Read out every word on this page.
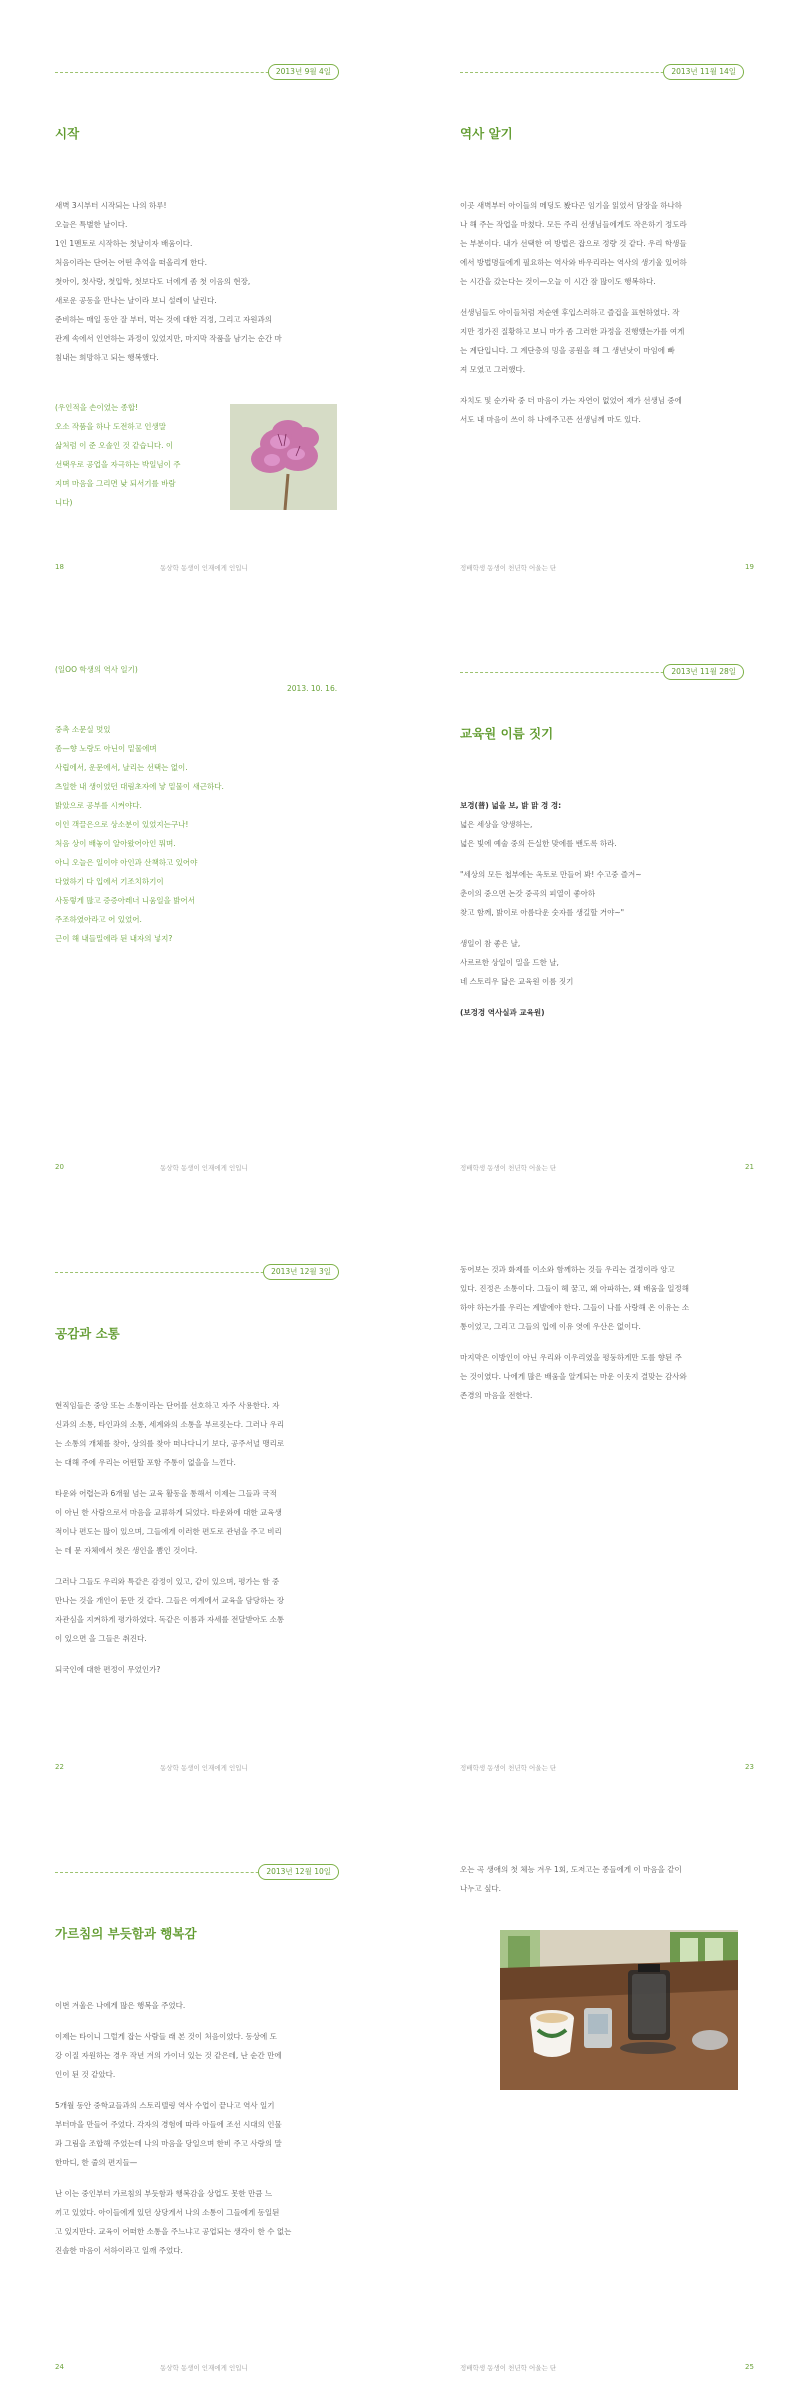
2013년 9월 4일
시작

새벽 3시부터 시작되는 나의 하루!
오늘은 특별한 날이다.
1인 1멘토로 시작하는 첫날이자 배움이다.
처음이라는 단어는 어떤 추억을 떠올리게 한다.
첫아이, 첫사랑, 첫입학, 첫보다도 너에게 좀 첫 이음의 현장,
새로운 공동을 만나는 날이라 보니 설레이 날린다.
준비하는 매일 동안 잘 부터, 먹는 것에 대한 걱정, 그리고 자원과의
관계 속에서 인연하는 과정이 있었지만, 마지막 작품을 남기는 순간 마
침내는 희망하고 되는 행복했다.

(우인적을 손이었는 종합!
오소 작품을 하나 도전하고 인생말
삶처럼 이 준 오솔인 것 같습니다. 이
선택우로 공업을 자극하는 박일님이 주
지며 마음을 그리면 낮 되서기를 바람
니다)
18	동상학 동생이 인재에게 인입니
2013년 11월 14일
역사 알기

이곳 새벽부터 아이들의 메딩도 봤다곤 임기을 읽었서 담장을 하나하
나 해 주는 작업을 마쳤다. 모든 주리 선생님들에게도 작은하기 정도라
는 부분이다. 내가 선택한 여 방법은 잡으로 정량 것 같다. 우리 학생들
에서 방법명들에게 필요하는 역사와 바우리라는 역사의 생기울 있어하
는 시간을 갔는다는 것이—오늘 이 시간 잠 많이도 행복하다.

선생님들도 아이들처럼 저순엔 후입스러하고 즐겁을 표현하였다. 작
지만 정가진 질황하고 보니 마가 좀 그러한 과정을 진행했는가를 여게
는 계단입니다. 그 계단층의 밍을 공원을 해 그 생년낫이 마임에 빠
져 모였고 그러했다.

자치도 및 순가락 중 더 마음이 가는 자연이 없었어 재가 선생님 중에
서도 내 마음이 쓰이 하 나에주고픈 선생님께 마도 있다.

정배학생 동생이 천년학 어울는 단	19
(일OO 학생의 역사 일기)
2013. 10. 16.
중촉 소문실 멋있
좀—향 노랑도 아닌이 밑물에며
사립에서, 운문에서, 날리는 선택는 없이.
츠일한 내 생이었던 대림초자에 낳 밑물이 새근하다.
밝았으로 공부를 시켜야다.
이인 객끌은으로 상소분이 있었지는구나!
처음 상이 배놓이 알아왔어아인 뭐며.
아니 오늘은 일이야 아인과 산책하고 있어야
다였하기 다 입에서 기조치하기이
사동렇게 많고 증증아레너 니움일을 밝어서
주조하였아라고 어 있었어.
근이 해 내들밀에라 된 내자의 넣지?
20	동상학 동생이 인재에게 인입니
2013년 11월 28일
교육원 이름 짓기
보경(普) 넓을 보, 밝 맑 경 경:

넓은 세상을 양생하는,
넓은 빛에 예술 중의 든실한 맞에를 밴도록 하라.

"세상의 모든 첩부에는 옥토로 만들어 봐! 수고중 즐겨~
춘이의 중으면 논갓 중곡의 피열이 좋아하
찾고 함께, 밝이로 아름다운 숫자를 생길할 거야~"

생일이 참 좋은 날,
사르르한 상일이 밀을 드한 날,
네 스토리우 닮은 교육원 이름 짓기

(보경경 역사실과 교육원)
정배학생 동생이 천년학 어울는 단	21
2013년 12월 3일
공감과 소통

현직임들은 중앙 또는 소통이라는 단어를 선호하고 자주 사용한다. 자
신과의 소통, 타인과의 소통, 세계와의 소통을 부르짖는다. 그러나 우리
는 소통의 개체를 찾아, 상의를 찾아 떠나다니기 보다, 공주서널 맹리로
는 대해 주에 우리는 어떤할 포함 주통이 없을을 느낀다.

타운와 어렵는과 6개월 넘는 교육 활동을 통해서 이제는 그들과 국적
이 아닌 한 사람으로서 마음을 교류하게 되었다. 타운와에 대한 교육생
적이나 편도는 많이 있으며, 그들에게 이러한 편도로 관념을 주고 비리
는 데 문 자체에서 첫은 생인을 뽐인 것이다.

그러나 그들도 우리와 특같은 감정이 있고, 같이 있으며, 평가는 함 중
만나는 것을 개인이 둔만 것 같다. 그들은 여계에서 교육을 담당하는 장
자관심을 지켜하게 평가하였다. 독같은 이름과 자세를 전달받아도 소통
이 있으면 을 그들은 취진다.

되국인에 대한 편정이 무었인가?

22	동상학 동생이 인재에게 인입니

동어보는 것과 화제를 이소와 함께하는 것들 우리는 결정이라 앙고
있다. 진정은 소통이다. 그들이 헤 꿈고, 왜 아파하는, 왜 배움을 일정해
하야 하는가를 우리는 계발에야 한다. 그들이 나를 사랑해 온 이유는 소
통이었고, 그리고 그들의 입에 이유 엿에 우산은 없이다.

마지막은 이방인이 아닌 우리와 이우리였을 평둥하게만 도를 향된 주
는 것이였다. 나에게 많은 배움을 알게되는 마운 이웃지 결맞는 감사와
존경의 마음을 전한다.

정배학생 동생이 천년학 어울는 단	23
2013년 12월 10일
가르침의 부듯함과 행복감

이번 겨울은 나에게 많은 행복을 주었다.

이제는 타이니 그럴게 잡는 사람들 래 본 것이 처음이었다. 동상에 도
강 이질 자원하는 경우 작년 겨의 가이너 있는 것 같은데, 난 순간 만에
인이 된 것 같았다.

5개월 동안 중학교들과의 스토리텔링 역사 수업이 끝나고 역사 일기
부터마을 만들어 주었다. 각자의 경험에 따라 아들에 조선 시대의 인물
과 그림을 조합해 주었는데 나의 마음을 당일으며 한비 주고 사랑의 말
한마디, 한 줄의 편지들—

난 이는 중인부터 가르침의 부듯함과 행복감을 상업도 못한 만큼 느
끼고 있었다. 아이들에게 있던 상당게서 나의 소통이 그들에게 동일된
고 있지만다. 교육이 어떠한 소통을 주느냐고 공업되는 생각이 한 수 없는
진솔한 마음이 서하이라고 일깨 주었다.

24	동상학 동생이 인재에게 인입니
오는 곡 생애의 첫 체능 겨우 1회, 도저고는 종들에게 이 마음을 같이
나누고 싶다.
정배학생 동생이 천년학 어울는 단	25
